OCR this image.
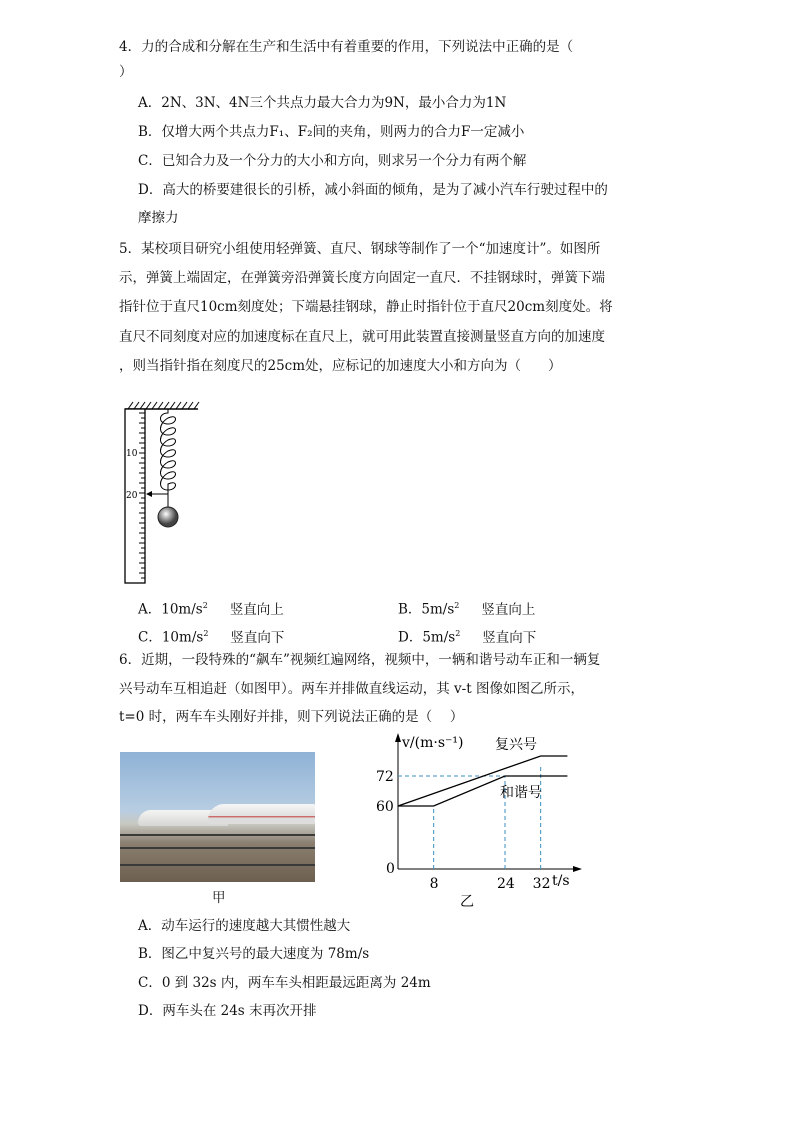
4．力的合成和分解在生产和生活中有着重要的作用，下列说法中正确的是（
）
A．2N、3N、4N三个共点力最大合力为9N，最小合力为1N
B．仅增大两个共点力F₁、F₂间的夹角，则两力的合力F一定减小
C．已知合力及一个分力的大小和方向，则求另一个分力有两个解
D．高大的桥要建很长的引桥，减小斜面的倾角，是为了减小汽车行驶过程中的
摩擦力
5．某校项目研究小组使用轻弹簧、直尺、钢球等制作了一个“加速度计”。如图所
示，弹簧上端固定，在弹簧旁沿弹簧长度方向固定一直尺．不挂钢球时，弹簧下端
指针位于直尺10cm刻度处；下端悬挂钢球，静止时指针位于直尺20cm刻度处。将
直尺不同刻度对应的加速度标在直尺上，就可用此装置直接测量竖直方向的加速度
，则当指针指在刻度尺的25cm处，应标记的加速度大小和方向为（　　）
10
20
A．$10m/s^2$ 竖直向上	B．$5m/s^2$ 竖直向上
C．$10m/s^2$ 竖直向下	D．$5m/s^2$ 竖直向下
6．近期，一段特殊的“飙车”视频红遍网络，视频中，一辆和谐号动车正和一辆复
兴号动车互相追赶（如图甲）。两车并排做直线运动，其 v-t 图像如图乙所示，
t=0 时，两车车头刚好并排，则下列说法正确的是（　 ）
甲
v/(m·s⁻¹)
t/s
0
60
72
8	24 32
复兴号
和谐号
乙
A．动车运行的速度越大其惯性越大
B．图乙中复兴号的最大速度为 78m/s
C．0 到 32s 内，两车车头相距最远距离为 24m
D．两车头在 24s 末再次开排
